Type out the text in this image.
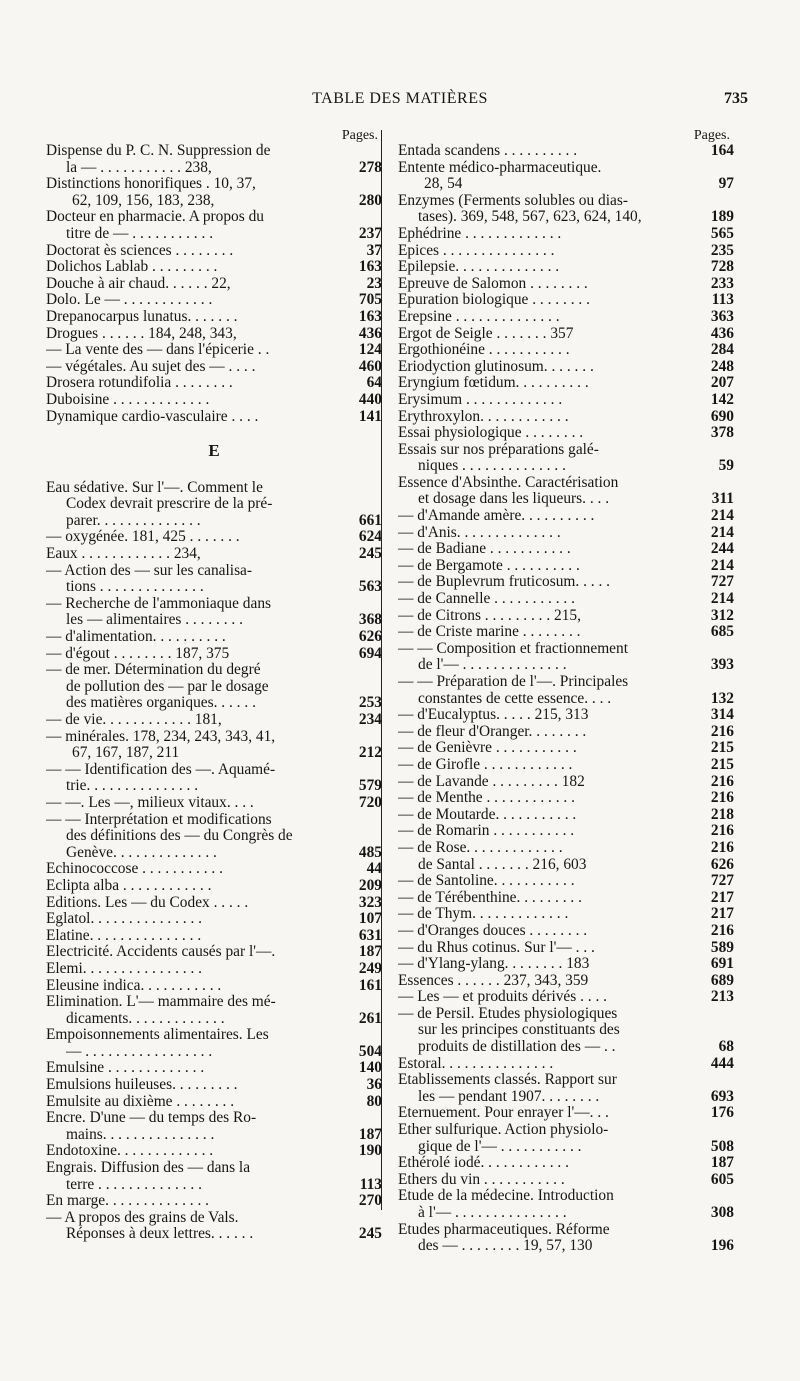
TABLE DES MATIÈRES	735
Pages.
Dispense du P. C. N. Suppression de
la — . . . . . . . . . . . 238,	278
Distinctions honorifiques . 10, 37,
62, 109, 156, 183, 238,	280
Docteur en pharmacie. A propos du
titre de — . . . . . . . . . . .	237
Doctorat ès sciences . . . . . . . .	37
Dolichos Lablab . . . . . . . . .	163
Douche à air chaud. . . . . . 22,	23
Dolo. Le — . . . . . . . . . . . .	705
Drepanocarpus lunatus. . . . . . .	163
Drogues . . . . . . 184, 248, 343,	436
— La vente des — dans l'épicerie . .	124
— végétales. Au sujet des — . . . .	460
Drosera rotundifolia . . . . . . . .	64
Duboisine . . . . . . . . . . . . .	440
Dynamique cardio-vasculaire . . . .	141
E
Eau sédative. Sur l'—. Comment le
Codex devrait prescrire de la pré-
parer. . . . . . . . . . . . . .	661
— oxygénée. 181, 425 . . . . . . .	624
Eaux . . . . . . . . . . . . 234,	245
— Action des — sur les canalisa-
tions . . . . . . . . . . . . . .	563
— Recherche de l'ammoniaque dans
les — alimentaires . . . . . . . .	368
— d'alimentation. . . . . . . . . .	626
— d'égout . . . . . . . . 187, 375	694
— de mer. Détermination du degré
de pollution des — par le dosage
des matières organiques. . . . . .	253
— de vie. . . . . . . . . . . . 181,	234
— minérales. 178, 234, 243, 343, 41,
67, 167, 187, 211	212
— — Identification des —. Aquamé-
trie. . . . . . . . . . . . . . .	579
— —. Les —, milieux vitaux. . . .	720
— — Interprétation et modifications
des définitions des — du Congrès de
Genève. . . . . . . . . . . . . .	485
Echinococcose . . . . . . . . . . .	44
Eclipta alba . . . . . . . . . . . .	209
Editions. Les — du Codex . . . . .	323
Eglatol. . . . . . . . . . . . . . .	107
Elatine. . . . . . . . . . . . . . .	631
Electricité. Accidents causés par l'—.	187
Elemi. . . . . . . . . . . . . . . .	249
Eleusine indica. . . . . . . . . . .	161
Elimination. L'— mammaire des mé-
dicaments. . . . . . . . . . . . .	261
Empoisonnements alimentaires. Les
— . . . . . . . . . . . . . . . . .	504
Emulsine . . . . . . . . . . . . .	140
Emulsions huileuses. . . . . . . . .	36
Emulsite au dixième . . . . . . . .	80
Encre. D'une — du temps des Ro-
mains. . . . . . . . . . . . . . .	187
Endotoxine. . . . . . . . . . . . .	190
Engrais. Diffusion des — dans la
terre . . . . . . . . . . . . . .	113
En marge. . . . . . . . . . . . . .	270
— A propos des grains de Vals.
Réponses à deux lettres. . . . . .	245
Pages.
Entada scandens . . . . . . . . . .	164
Entente médico-pharmaceutique.
28, 54	97
Enzymes (Ferments solubles ou dias-
tases). 369, 548, 567, 623, 624, 140,	189
Ephédrine . . . . . . . . . . . . .	565
Epices . . . . . . . . . . . . . . .	235
Epilepsie. . . . . . . . . . . . . .	728
Epreuve de Salomon . . . . . . . .	233
Epuration biologique . . . . . . . .	113
Erepsine . . . . . . . . . . . . . .	363
Ergot de Seigle . . . . . . . 357	436
Ergothionéine . . . . . . . . . . .	284
Eriodyction glutinosum. . . . . . .	248
Eryngium fœtidum. . . . . . . . . .	207
Erysimum . . . . . . . . . . . . .	142
Erythroxylon. . . . . . . . . . . .	690
Essai physiologique . . . . . . . .	378
Essais sur nos préparations galé-
niques . . . . . . . . . . . . . .	59
Essence d'Absinthe. Caractérisation
et dosage dans les liqueurs. . . .	311
— d'Amande amère. . . . . . . . . .	214
— d'Anis. . . . . . . . . . . . . .	214
— de Badiane . . . . . . . . . . .	244
— de Bergamote . . . . . . . . . .	214
— de Buplevrum fruticosum. . . . .	727
— de Cannelle . . . . . . . . . . .	214
— de Citrons . . . . . . . . . 215,	312
— de Criste marine . . . . . . . .	685
— — Composition et fractionnement
de l'— . . . . . . . . . . . . . .	393
— — Préparation de l'—. Principales
constantes de cette essence. . . .	132
— d'Eucalyptus. . . . . 215, 313	314
— de fleur d'Oranger. . . . . . . .	216
— de Genièvre . . . . . . . . . . .	215
— de Girofle . . . . . . . . . . . .	215
— de Lavande . . . . . . . . . 182	216
— de Menthe . . . . . . . . . . . .	216
— de Moutarde. . . . . . . . . . .	218
— de Romarin . . . . . . . . . . .	216
— de Rose. . . . . . . . . . . . .	216
de Santal . . . . . . . 216, 603	626
— de Santoline. . . . . . . . . . .	727
— de Térébenthine. . . . . . . . .	217
— de Thym. . . . . . . . . . . . .	217
— d'Oranges douces . . . . . . . .	216
— du Rhus cotinus. Sur l'— . . .	589
— d'Ylang-ylang. . . . . . . . 183	691
Essences . . . . . . 237, 343, 359	689
— Les — et produits dérivés . . . .	213
— de Persil. Etudes physiologiques
sur les principes constituants des
produits de distillation des — . .	68
Estoral. . . . . . . . . . . . . . .	444
Etablissements classés. Rapport sur
les — pendant 1907. . . . . . . .	693
Eternuement. Pour enrayer l'—. . .	176
Ether sulfurique. Action physiolo-
gique de l'— . . . . . . . . . . .	508
Ethérolé iodé. . . . . . . . . . . .	187
Ethers du vin . . . . . . . . . . .	605
Etude de la médecine. Introduction
à l'— . . . . . . . . . . . . . . .	308
Etudes pharmaceutiques. Réforme
des — . . . . . . . . 19, 57, 130	196
